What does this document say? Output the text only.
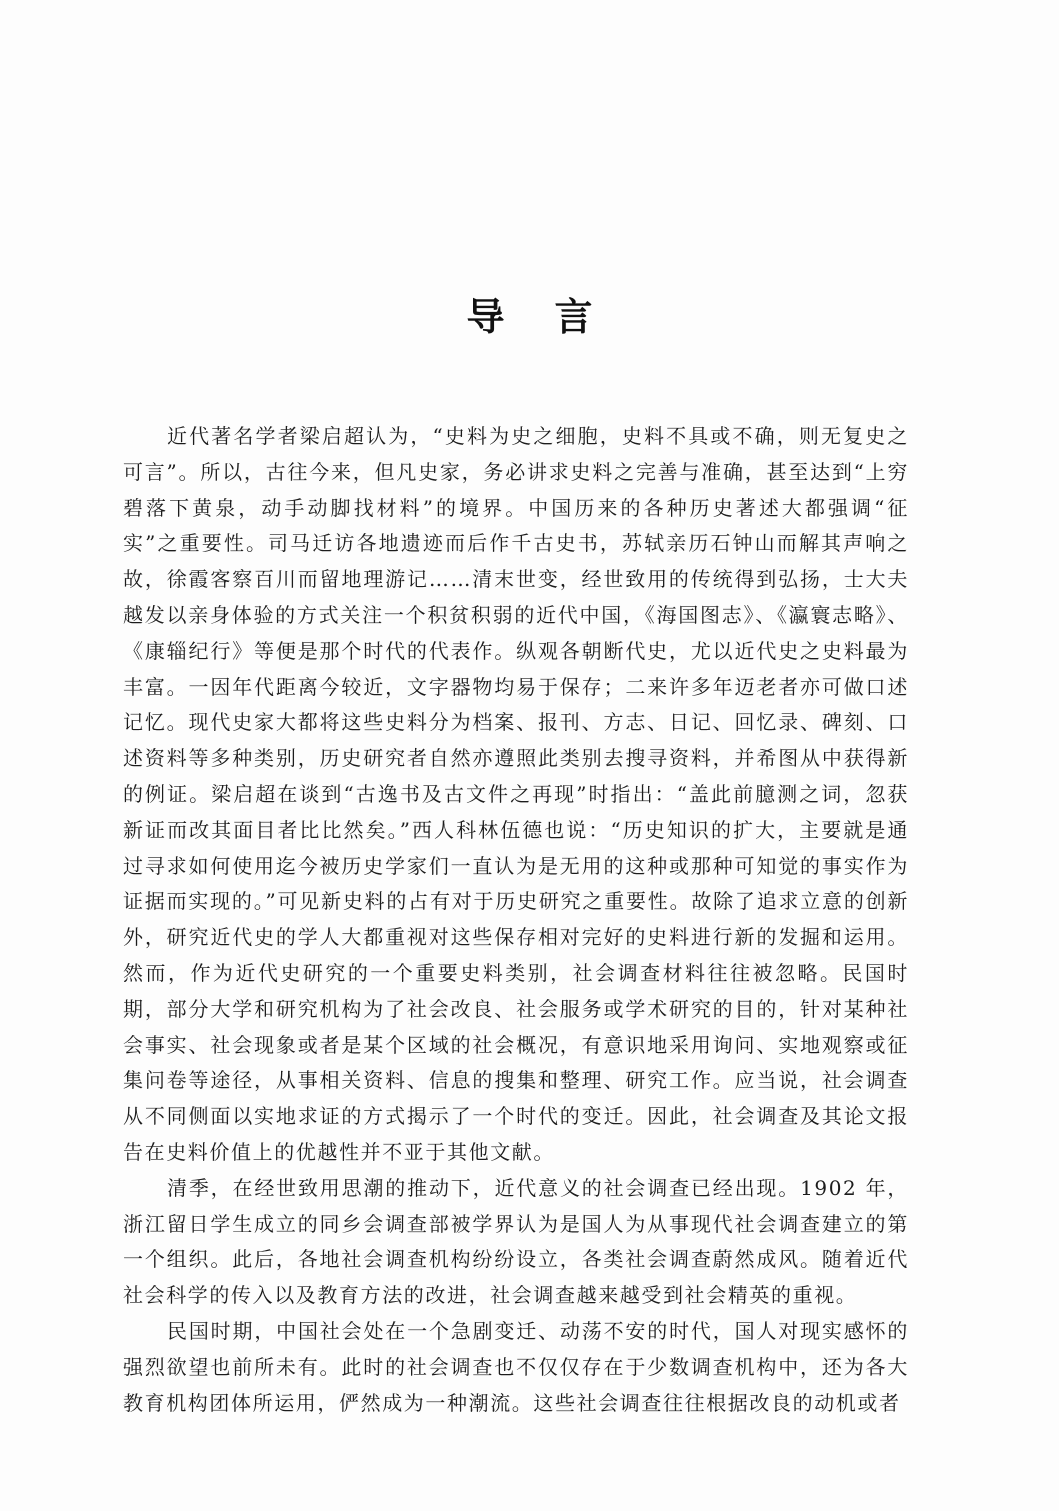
导 言

近代著名学者梁启超认为，“史料为史之细胞，史料不具或不确，则无复史之可言”。所以，古往今来，但凡史家，务必讲求史料之完善与准确，甚至达到“上穷碧落下黄泉，动手动脚找材料”的境界。中国历来的各种历史著述大都强调“征实”之重要性。司马迁访各地遗迹而后作千古史书，苏轼亲历石钟山而解其声响之故，徐霞客察百川而留地理游记……清末世变，经世致用的传统得到弘扬，士大夫越发以亲身体验的方式关注一个积贫积弱的近代中国，《海国图志》、《瀛寰志略》、《康辎纪行》等便是那个时代的代表作。纵观各朝断代史，尤以近代史之史料最为丰富。一因年代距离今较近，文字器物均易于保存；二来许多年迈老者亦可做口述记忆。现代史家大都将这些史料分为档案、报刊、方志、日记、回忆录、碑刻、口述资料等多种类别，历史研究者自然亦遵照此类别去搜寻资料，并希图从中获得新的例证。梁启超在谈到“古逸书及古文件之再现”时指出：“盖此前臆测之词，忽获新证而改其面目者比比然矣。”西人科林伍德也说：“历史知识的扩大，主要就是通过寻求如何使用迄今被历史学家们一直认为是无用的这种或那种可知觉的事实作为证据而实现的。”可见新史料的占有对于历史研究之重要性。故除了追求立意的创新外，研究近代史的学人大都重视对这些保存相对完好的史料进行新的发掘和运用。然而，作为近代史研究的一个重要史料类别，社会调查材料往往被忽略。民国时期，部分大学和研究机构为了社会改良、社会服务或学术研究的目的，针对某种社会事实、社会现象或者是某个区域的社会概况，有意识地采用询问、实地观察或征集问卷等途径，从事相关资料、信息的搜集和整理、研究工作。应当说，社会调查从不同侧面以实地求证的方式揭示了一个时代的变迁。因此，社会调查及其论文报告在史料价值上的优越性并不亚于其他文献。

清季，在经世致用思潮的推动下，近代意义的社会调查已经出现。1902 年，浙江留日学生成立的同乡会调查部被学界认为是国人为从事现代社会调查建立的第一个组织。此后，各地社会调查机构纷纷设立，各类社会调查蔚然成风。随着近代社会科学的传入以及教育方法的改进，社会调查越来越受到社会精英的重视。

民国时期，中国社会处在一个急剧变迁、动荡不安的时代，国人对现实感怀的强烈欲望也前所未有。此时的社会调查也不仅仅存在于少数调查机构中，还为各大教育机构团体所运用，俨然成为一种潮流。这些社会调查往往根据改良的动机或者
